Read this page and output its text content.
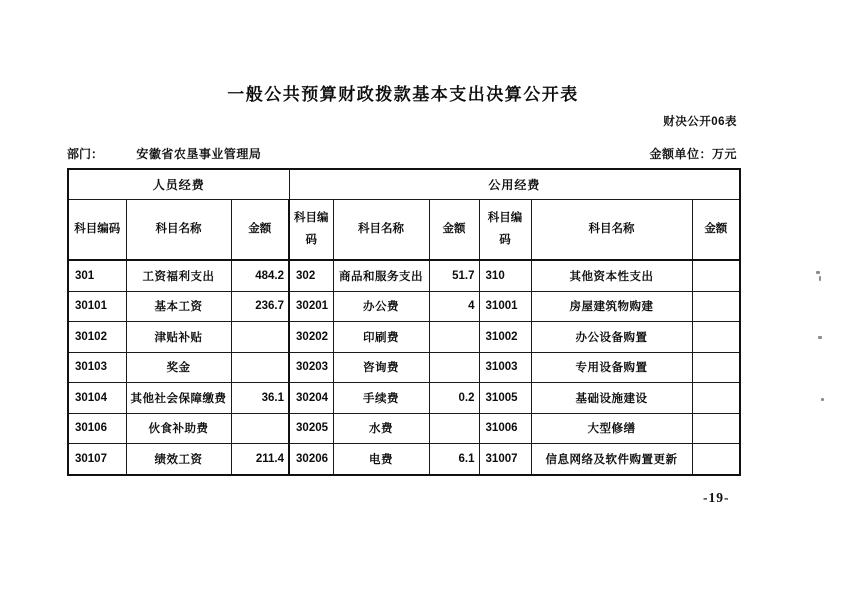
一般公共预算财政拨款基本支出决算公开表
财决公开06表
部门：	安徽省农垦事业管理局	金额单位：万元
人员经费			公用经费					
科目编码	科目名称	金额	科目编码	科目名称	金额	科目编码	科目名称	金额
301	工资福利支出	484.2	302	商品和服务支出	51.7	310	其他资本性支出	
30101	基本工资	236.7	30201	办公费	4	31001	房屋建筑物购建	
30102	津贴补贴		30202	印刷费		31002	办公设备购置	
30103	奖金		30203	咨询费		31003	专用设备购置	
30104	其他社会保障缴费	36.1	30204	手续费	0.2	31005	基础设施建设	
30106	伙食补助费		30205	水费		31006	大型修缮	
30107	绩效工资	211.4	30206	电费	6.1	31007	信息网络及软件购置更新	
-19-
